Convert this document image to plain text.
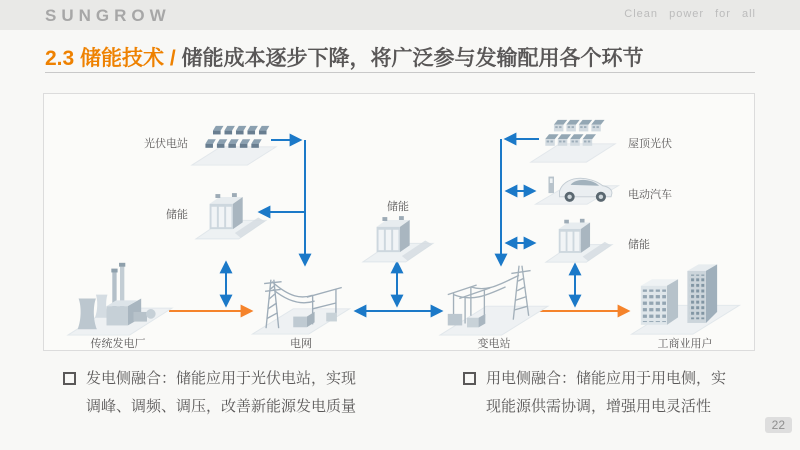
SUNGROW	Clean power for all
2.3 储能技术 / 储能成本逐步下降，将广泛参与发输配用各个环节
光伏电站
储能
传统发电厂	电网
储能
变电站
屋顶光伏
电动汽车
储能
工商业用户
发电侧融合：储能应用于光伏电站，实现
调峰、调频、调压，改善新能源发电质量
用电侧融合：储能应用于用电侧，实
现能源供需协调，增强用电灵活性
22
